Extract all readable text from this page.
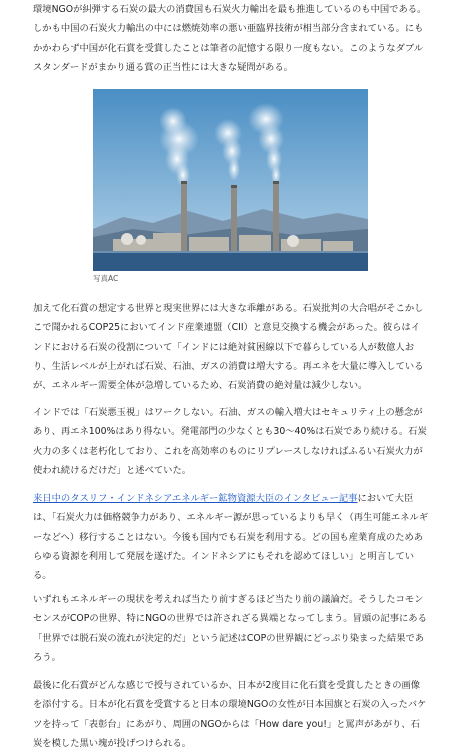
環境NGOが糾弾する石炭の最大の消費国も石炭火力輸出を最も推進しているのも中国である。しかも中国の石炭火力輸出の中には燃焼効率の悪い亜臨界技術が相当部分含まれている。にもかかわらず中国が化石賞を受賞したことは筆者の記憶する限り一度もない。このようなダブルスタンダードがまかり通る賞の正当性には大きな疑問がある。

写真AC

加えて化石賞の想定する世界と現実世界には大きな乖離がある。石炭批判の大合唱がそこかしこで聞かれるCOP25においてインド産業連盟（CII）と意見交換する機会があった。彼らはインドにおける石炭の役割について「インドには絶対貧困線以下で暮らしている人が数億人おり、生活レベルが上がれば石炭、石油、ガスの消費は増大する。再エネを大量に導入しているが、エネルギー需要全体が急増しているため、石炭消費の絶対量は減少しない。

インドでは「石炭悪玉視」はワークしない。石油、ガスの輸入増大はセキュリティ上の懸念があり、再エネ100%はあり得ない。発電部門の少なくとも30〜40%は石炭であり続ける。石炭火力の多くは老朽化しており、これを高効率のものにリプレースしなければふるい石炭火力が使われ続けるだけだ」と述べていた。

来日中のタスリフ・インドネシアエネルギー鉱物資源大臣のインタビュー記事において大臣は、「石炭火力は価格競争力があり、エネルギー源が思っているよりも早く（再生可能エネルギーなどへ）移行することはない。今後も国内でも石炭を利用する。どの国も産業育成のためあらゆる資源を利用して発展を遂げた。インドネシアにもそれを認めてほしい」と明言している。

いずれもエネルギーの現状を考えれば当たり前すぎるほど当たり前の議論だ。そうしたコモンセンスがCOPの世界、特にNGOの世界では許されざる異端となってしまう。冒頭の記事にある「世界では脱石炭の流れが決定的だ」という記述はCOPの世界観にどっぷり染まった結果であろう。

最後に化石賞がどんな感じで授与されているか、日本が2度目に化石賞を受賞したときの画像を添付する。日本が化石賞を受賞すると日本の環境NGOの女性が日本国旗と石炭の入ったバケツを持って「表彰台」にあがり、周囲のNGOからは「How dare you!」と罵声があがり、石炭を模した黒い塊が投げつけられる。
